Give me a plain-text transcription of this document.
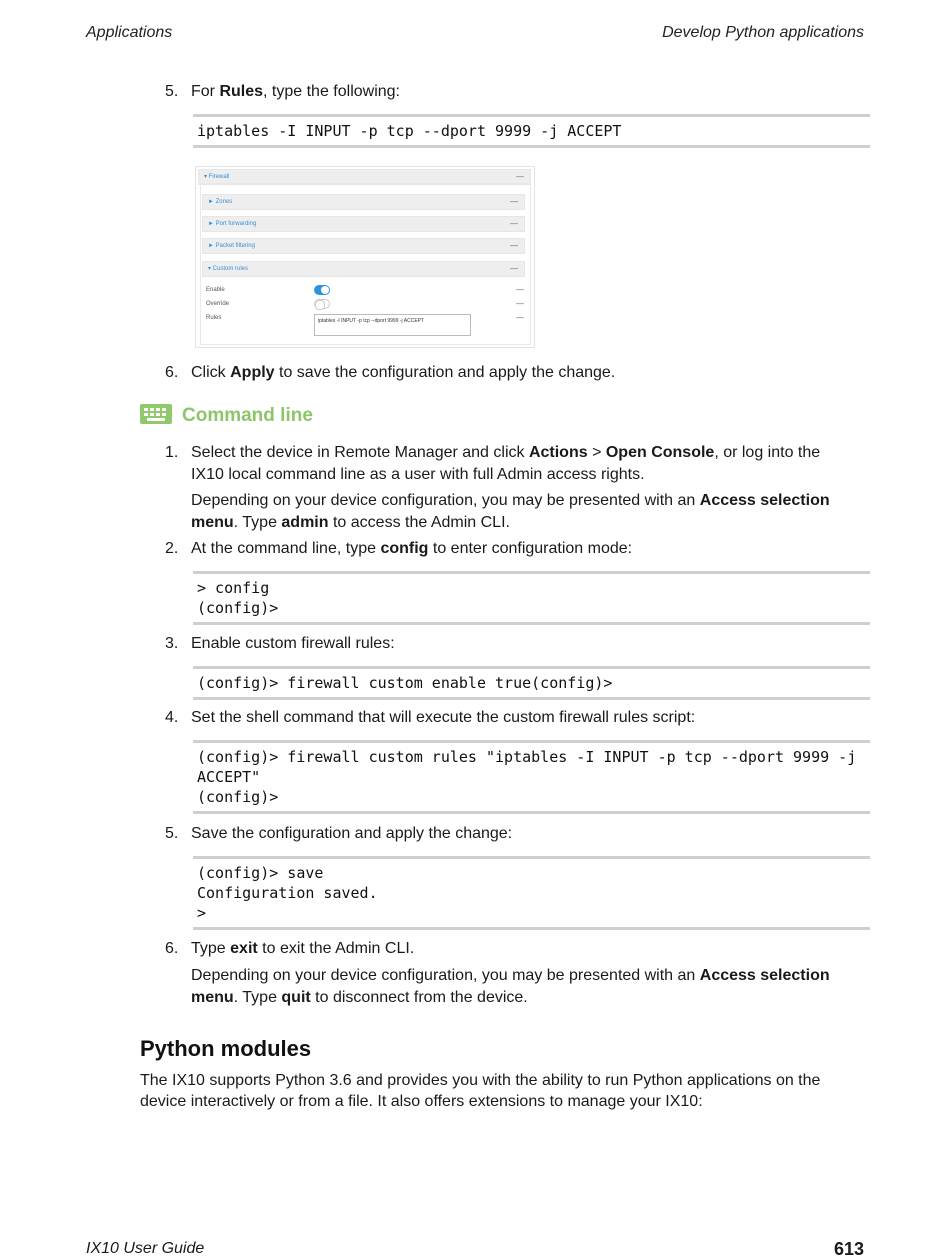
Applications	Develop Python applications
5. For Rules, type the following:
iptables -I INPUT -p tcp --dport 9999 -j ACCEPT
▾ Firewall	—
► Zones	—
► Port forwarding	—
► Packet filtering	—
▾ Custom rules	—
Enable	—
Override	—
Rules	iptables -I INPUT -p tcp --dport 9999 -j ACCEPT	—
6. Click Apply to save the configuration and apply the change.
Command line
1. Select the device in Remote Manager and click Actions > Open Console, or log into the IX10 local command line as a user with full Admin access rights.
Depending on your device configuration, you may be presented with an Access selection menu. Type admin to access the Admin CLI.
2. At the command line, type config to enter configuration mode:
> config
(config)>
3. Enable custom firewall rules:
(config)> firewall custom enable true(config)>
4. Set the shell command that will execute the custom firewall rules script:
(config)> firewall custom rules "iptables -I INPUT -p tcp --dport 9999 -j
ACCEPT"
(config)>
5. Save the configuration and apply the change:
(config)> save
Configuration saved.
>
6. Type exit to exit the Admin CLI.
Depending on your device configuration, you may be presented with an Access selection menu. Type quit to disconnect from the device.
Python modules
The IX10 supports Python 3.6 and provides you with the ability to run Python applications on the device interactively or from a file. It also offers extensions to manage your IX10:
IX10 User Guide	613
